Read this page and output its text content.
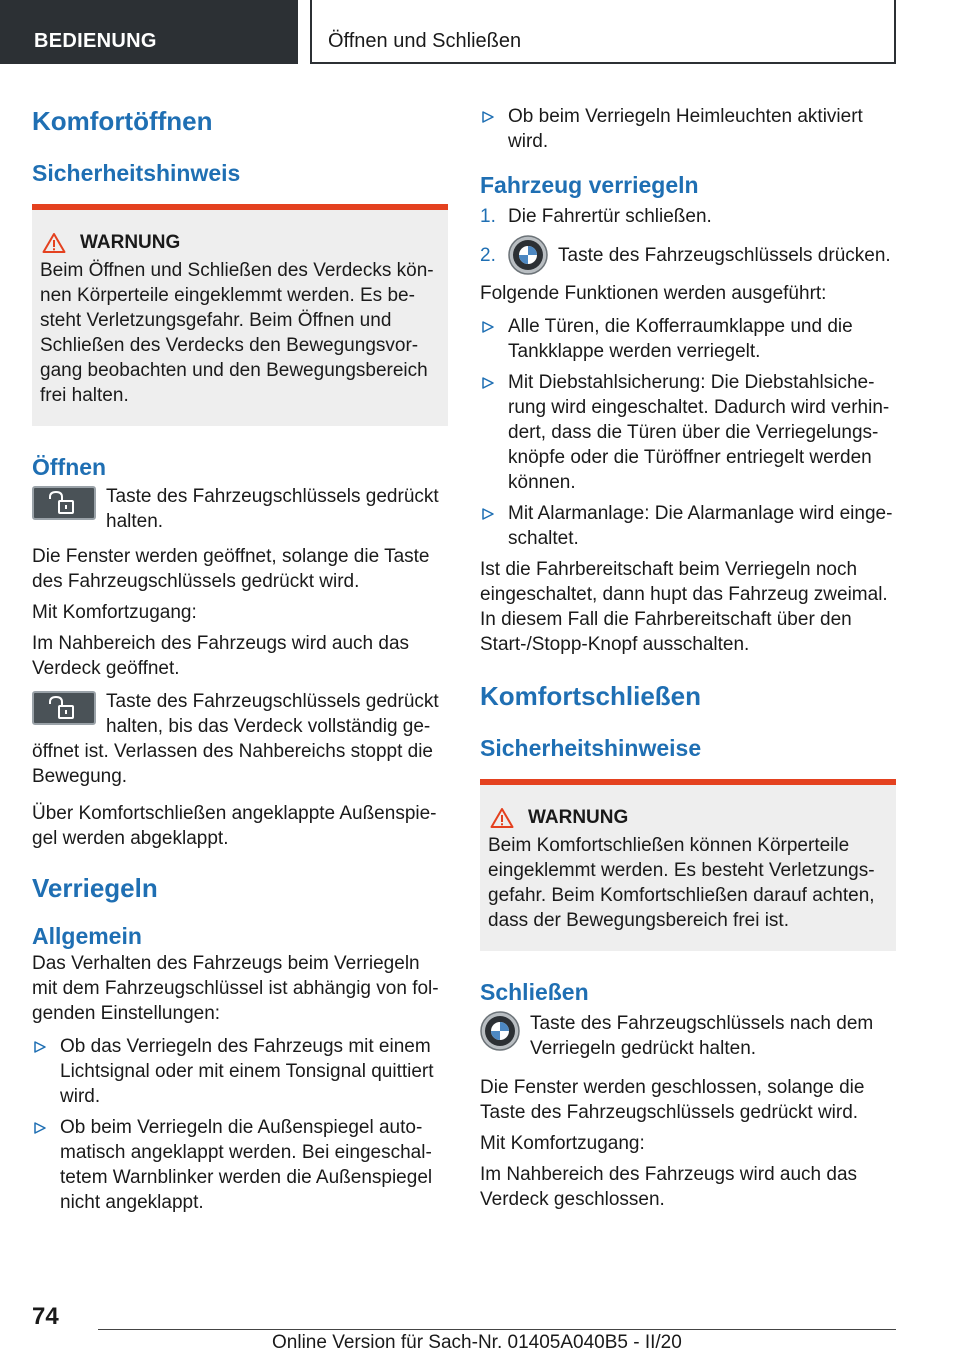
BEDIENUNG	Öffnen und Schließen
Komfortöffnen
Sicherheitshinweis
WARNUNG

Beim Öffnen und Schließen des Verdecks kön-nen Körperteile eingeklemmt werden. Es be-steht Verletzungsgefahr. Beim Öffnen und Schließen des Verdecks den Bewegungsvor-gang beobachten und den Bewegungsbereich frei halten.

Öffnen

Taste des Fahrzeugschlüssels gedrückt halten.

Die Fenster werden geöffnet, solange die Taste des Fahrzeugschlüssels gedrückt wird.

Mit Komfortzugang:

Im Nahbereich des Fahrzeugs wird auch das Verdeck geöffnet.

Taste des Fahrzeugschlüssels gedrückt halten, bis das Verdeck vollständig ge-

öffnet ist. Verlassen des Nahbereichs stoppt die Bewegung.

Über Komfortschließen angeklappte Außenspie-gel werden abgeklappt.

Verriegeln
Allgemein

Das Verhalten des Fahrzeugs beim Verriegeln mit dem Fahrzeugschlüssel ist abhängig von fol-genden Einstellungen:

Ob das Verriegeln des Fahrzeugs mit einem Lichtsignal oder mit einem Tonsignal quittiert wird.
Ob beim Verriegeln die Außenspiegel auto-matisch angeklappt werden. Bei eingeschal-tetem Warnblinker werden die Außenspiegel nicht angeklappt.
Ob beim Verriegeln Heimleuchten aktiviert wird.
Fahrzeug verriegeln
1. Die Fahrertür schließen.
2.	Taste des Fahrzeugschlüssels drücken.

Folgende Funktionen werden ausgeführt:

Alle Türen, die Kofferraumklappe und die Tankklappe werden verriegelt.
Mit Diebstahlsicherung: Die Diebstahlsiche-rung wird eingeschaltet. Dadurch wird verhin-dert, dass die Türen über die Verriegelungs-knöpfe oder die Türöffner entriegelt werden können.
Mit Alarmanlage: Die Alarmanlage wird einge-schaltet.

Ist die Fahrbereitschaft beim Verriegeln noch eingeschaltet, dann hupt das Fahrzeug zweimal. In diesem Fall die Fahrbereitschaft über den Start-/Stopp-Knopf ausschalten.

Komfortschließen
Sicherheitshinweise
WARNUNG

Beim Komfortschließen können Körperteile eingeklemmt werden. Es besteht Verletzungs-gefahr. Beim Komfortschließen darauf achten, dass der Bewegungsbereich frei ist.

Schließen

Taste des Fahrzeugschlüssels nach dem Verriegeln gedrückt halten.

Die Fenster werden geschlossen, solange die Taste des Fahrzeugschlüssels gedrückt wird.

Mit Komfortzugang:

Im Nahbereich des Fahrzeugs wird auch das Verdeck geschlossen.

74
Online Version für Sach-Nr. 01405A040B5 - II/20
